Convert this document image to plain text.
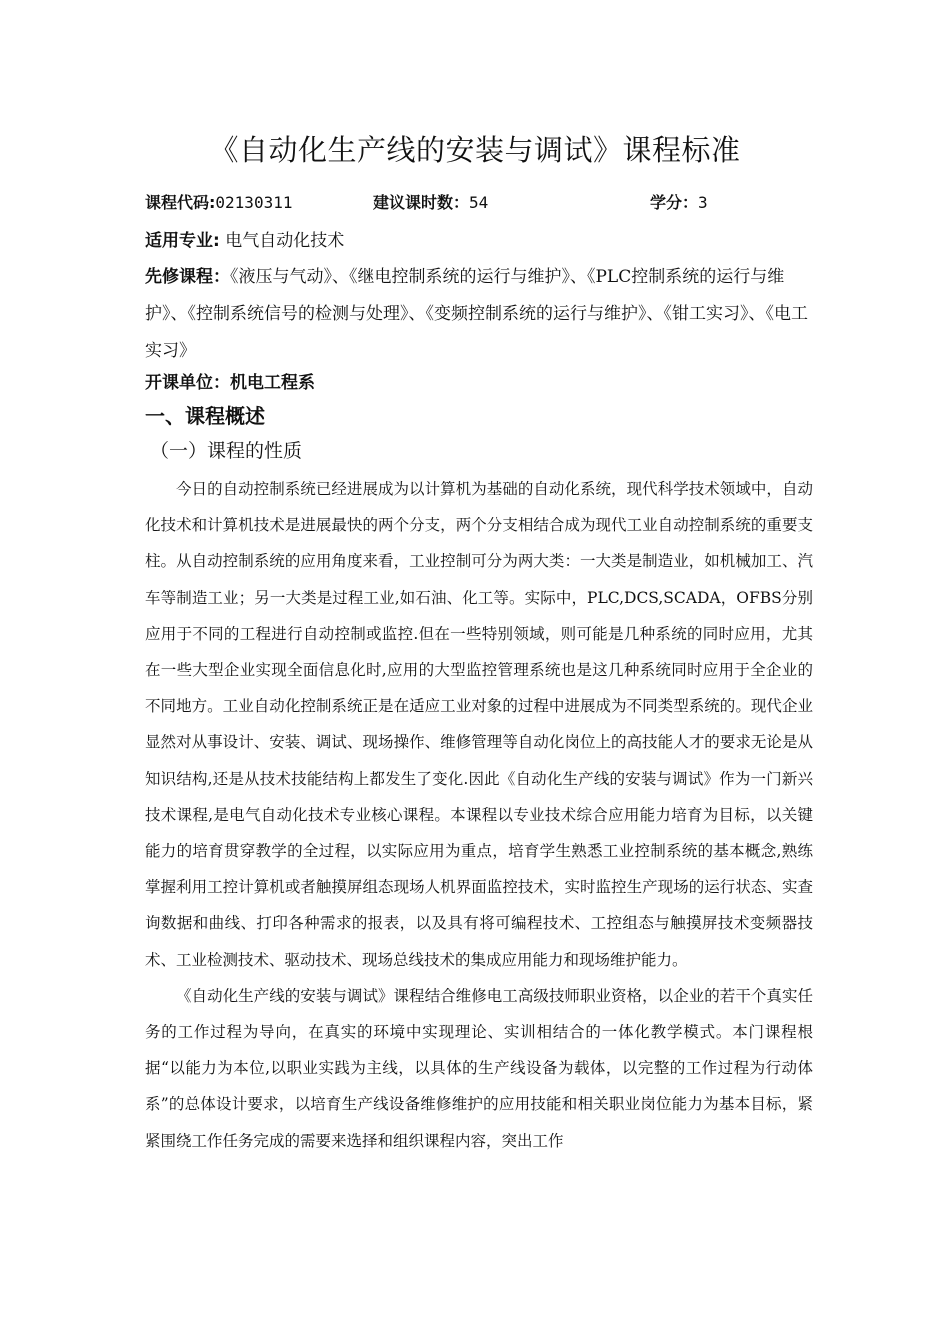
《自动化生产线的安装与调试》课程标准
课程代码:02130311	建议课时数：54	学分：3
适用专业: 电气自动化技术
先修课程：《液压与气动》、《继电控制系统的运行与维护》、《PLC控制系统的运行与维护》、《控制系统信号的检测与处理》、《变频控制系统的运行与维护》、《钳工实习》、《电工实习》
开课单位：机电工程系
一、课程概述
（一）课程的性质

今日的自动控制系统已经进展成为以计算机为基础的自动化系统，现代科学技术领域中，自动化技术和计算机技术是进展最快的两个分支，两个分支相结合成为现代工业自动控制系统的重要支柱。从自动控制系统的应用角度来看，工业控制可分为两大类：一大类是制造业，如机械加工、汽车等制造工业；另一大类是过程工业,如石油、化工等。实际中，PLC,DCS,SCADA，OFBS分别应用于不同的工程进行自动控制或监控.但在一些特别领域，则可能是几种系统的同时应用，尤其在一些大型企业实现全面信息化时,应用的大型监控管理系统也是这几种系统同时应用于全企业的不同地方。工业自动化控制系统正是在适应工业对象的过程中进展成为不同类型系统的。现代企业显然对从事设计、安装、调试、现场操作、维修管理等自动化岗位上的高技能人才的要求无论是从知识结构,还是从技术技能结构上都发生了变化.因此《自动化生产线的安装与调试》作为一门新兴技术课程,是电气自动化技术专业核心课程。本课程以专业技术综合应用能力培育为目标，以关键能力的培育贯穿教学的全过程，以实际应用为重点，培育学生熟悉工业控制系统的基本概念,熟练掌握利用工控计算机或者触摸屏组态现场人机界面监控技术，实时监控生产现场的运行状态、实查询数据和曲线、打印各种需求的报表，以及具有将可编程技术、工控组态与触摸屏技术变频器技术、工业检测技术、驱动技术、现场总线技术的集成应用能力和现场维护能力。

《自动化生产线的安装与调试》课程结合维修电工高级技师职业资格，以企业的若干个真实任务的工作过程为导向，在真实的环境中实现理论、实训相结合的一体化教学模式。本门课程根据“以能力为本位,以职业实践为主线，以具体的生产线设备为载体，以完整的工作过程为行动体系”的总体设计要求，以培育生产线设备维修维护的应用技能和相关职业岗位能力为基本目标，紧紧围绕工作任务完成的需要来选择和组织课程内容，突出工作
